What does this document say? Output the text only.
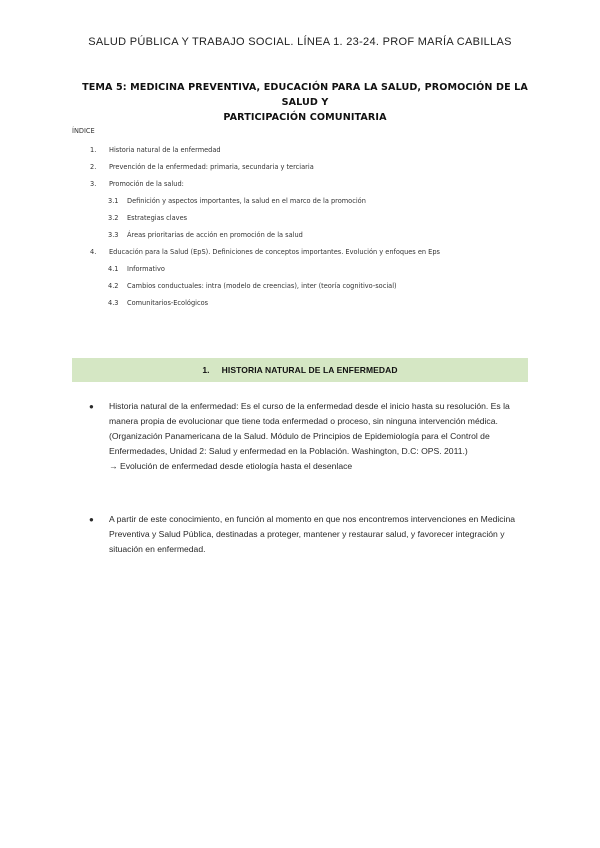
SALUD PÚBLICA Y TRABAJO SOCIAL. LÍNEA 1. 23-24. PROF MARÍA CABILLAS
TEMA 5: MEDICINA PREVENTIVA, EDUCACIÓN PARA LA SALUD, PROMOCIÓN DE LA SALUD Y
PARTICIPACIÓN COMUNITARIA
ÍNDICE
1.	Historia natural de la enfermedad
2.	Prevención de la enfermedad: primaria, secundaria y terciaria
3.	Promoción de la salud:
3.1	Definición y aspectos importantes, la salud en el marco de la promoción
3.2	Estrategias claves
3.3	Áreas prioritarias de acción en promoción de la salud
4.	Educación para la Salud (EpS). Definiciones de conceptos importantes. Evolución y enfoques en Eps
4.1	Informativo
4.2	Cambios conductuales: intra (modelo de creencias), inter (teoría cognitivo-social)
4.3	Comunitarios-Ecológicos
1. HISTORIA NATURAL DE LA ENFERMEDAD
●	Historia natural de la enfermedad: Es el curso de la enfermedad desde el inicio hasta su resolución. Es la manera propia de evolucionar que tiene toda enfermedad o proceso, sin ninguna intervención médica. (Organización Panamericana de la Salud. Módulo de Principios de Epidemiología para el Control de Enfermedades, Unidad 2: Salud y enfermedad en la Población. Washington, D.C: OPS. 2011.)
→ Evolución de enfermedad desde etiología hasta el desenlace
●	A partir de este conocimiento, en función al momento en que nos encontremos intervenciones en Medicina Preventiva y Salud Pública, destinadas a proteger, mantener y restaurar salud, y favorecer integración y situación en enfermedad.
